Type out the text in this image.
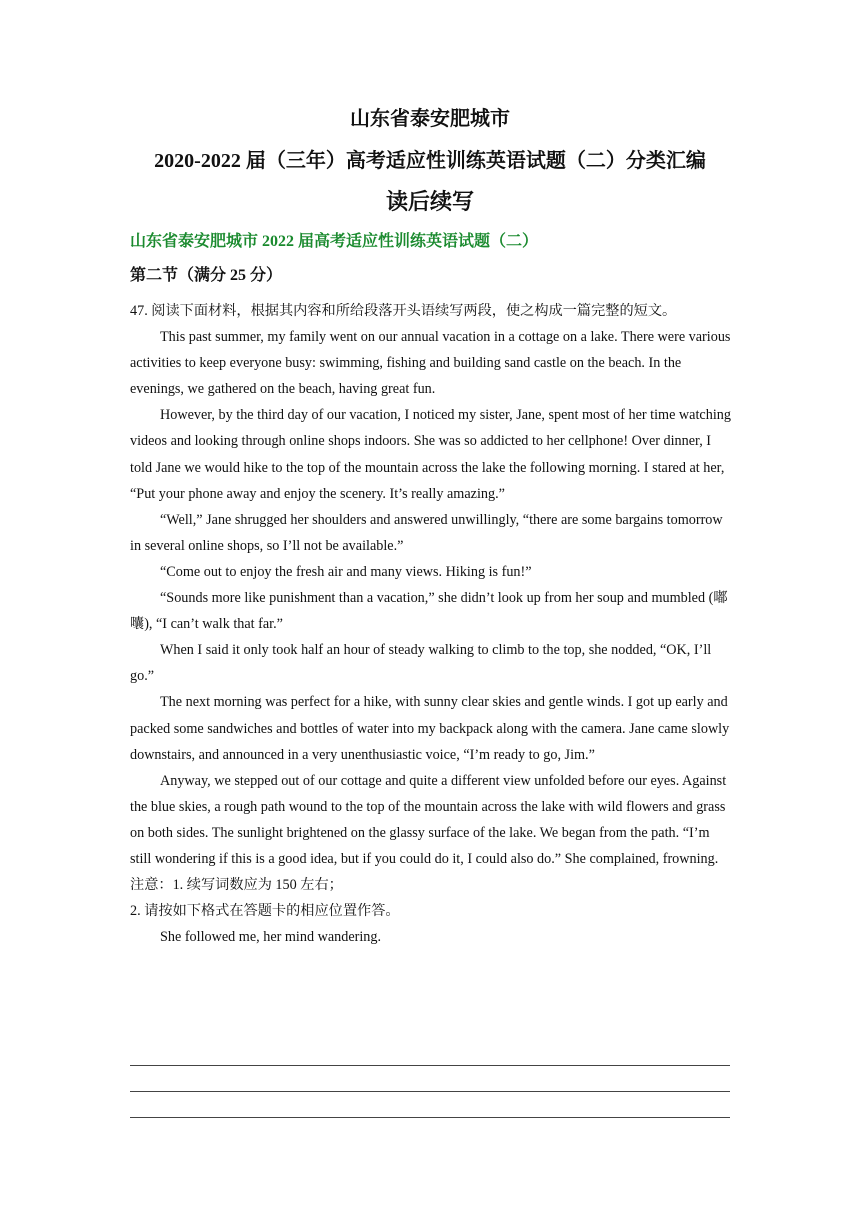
山东省泰安肥城市
2020-2022 届（三年）高考适应性训练英语试题（二）分类汇编
读后续写
山东省泰安肥城市 2022 届高考适应性训练英语试题（二）
第二节（满分 25 分）

47. 阅读下面材料，根据其内容和所给段落开头语续写两段，使之构成一篇完整的短文。

This past summer, my family went on our annual vacation in a cottage on a lake. There were various activities to keep everyone busy: swimming, fishing and building sand castle on the beach. In the evenings, we gathered on the beach, having great fun.

However, by the third day of our vacation, I noticed my sister, Jane, spent most of her time watching videos and looking through online shops indoors. She was so addicted to her cellphone! Over dinner, I told Jane we would hike to the top of the mountain across the lake the following morning. I stared at her, “Put your phone away and enjoy the scenery. It’s really amazing.”

“Well,” Jane shrugged her shoulders and answered unwillingly, “there are some bargains tomorrow in several online shops, so I’ll not be available.”

“Come out to enjoy the fresh air and many views. Hiking is fun!”

“Sounds more like punishment than a vacation,” she didn’t look up from her soup and mumbled (嘟囔), “I can’t walk that far.”

When I said it only took half an hour of steady walking to climb to the top, she nodded, “OK, I’ll go.”

The next morning was perfect for a hike, with sunny clear skies and gentle winds. I got up early and packed some sandwiches and bottles of water into my backpack along with the camera. Jane came slowly downstairs, and announced in a very unenthusiastic voice, “I’m ready to go, Jim.”

Anyway, we stepped out of our cottage and quite a different view unfolded before our eyes. Against the blue skies, a rough path wound to the top of the mountain across the lake with wild flowers and grass on both sides. The sunlight brightened on the glassy surface of the lake. We began from the path. “I’m still wondering if this is a good idea, but if you could do it, I could also do.” She complained, frowning.

注意：1. 续写词数应为 150 左右；

2. 请按如下格式在答题卡的相应位置作答。

She followed me, her mind wandering.
